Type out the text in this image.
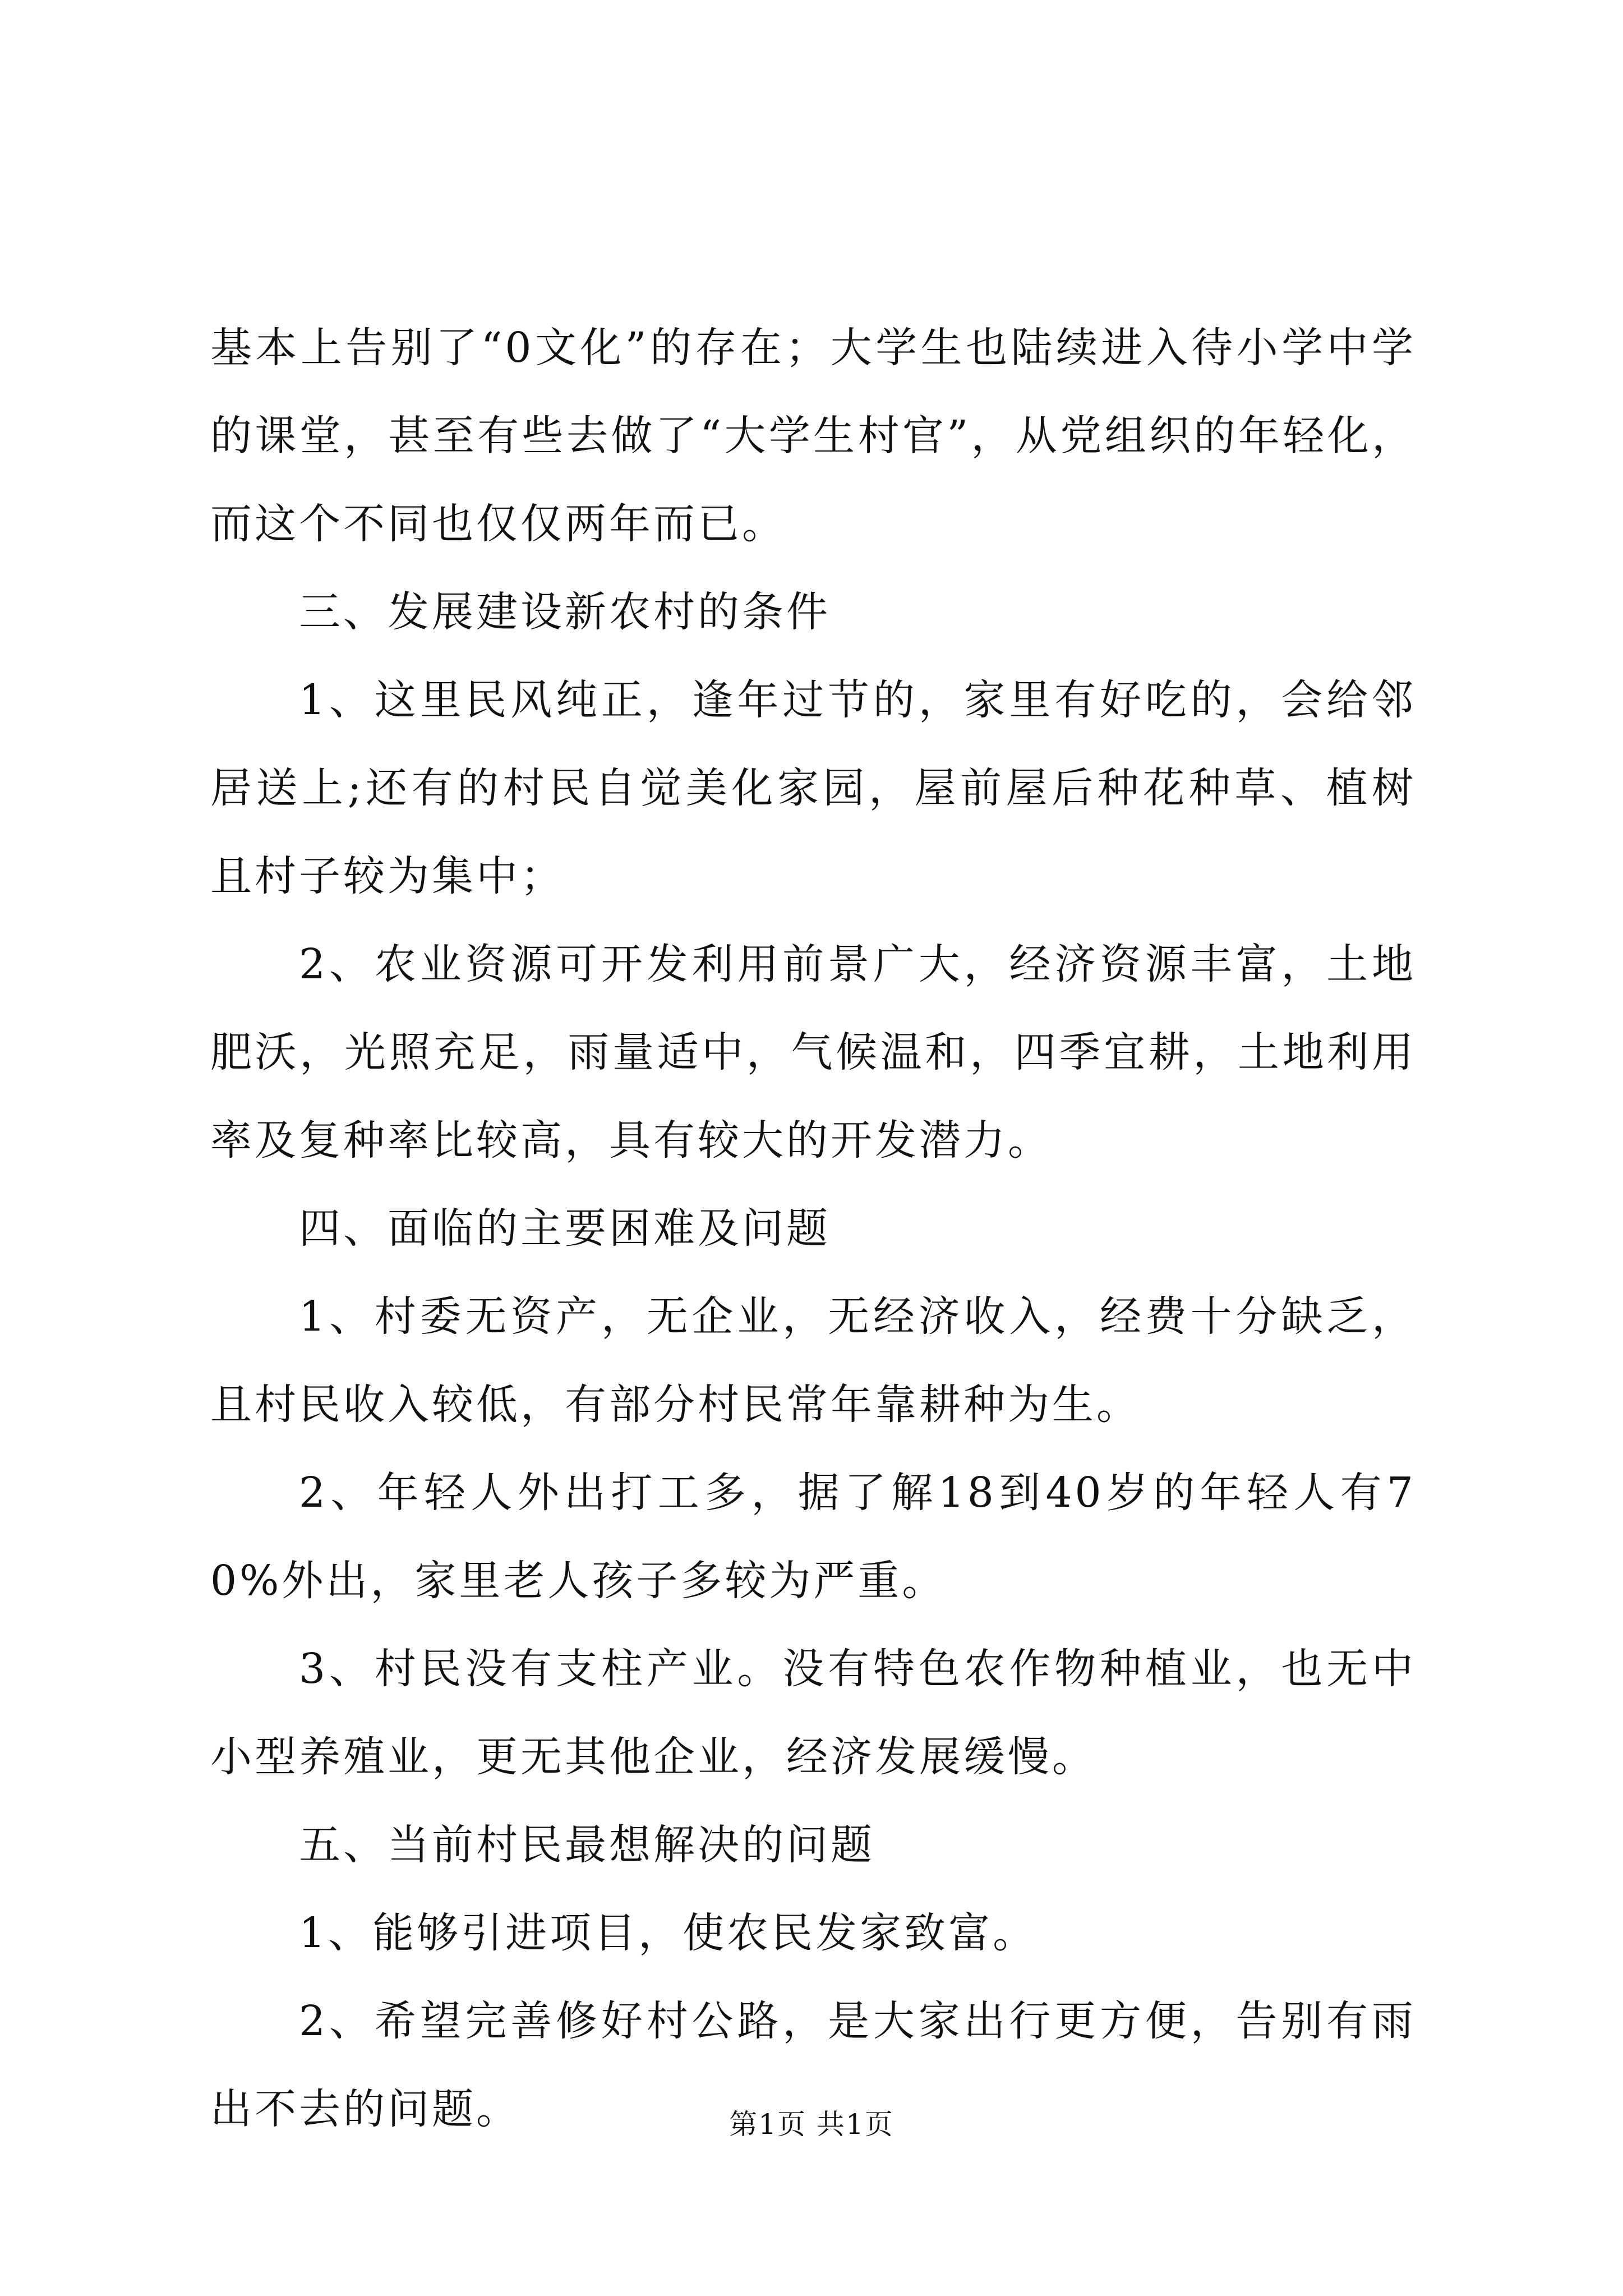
基本上告别了“0文化”的存在；大学生也陆续进入待小学中学的课堂，甚至有些去做了“大学生村官”，从党组织的年轻化，而这个不同也仅仅两年而已。

三、发展建设新农村的条件

1、这里民风纯正，逢年过节的，家里有好吃的，会给邻居送上;还有的村民自觉美化家园，屋前屋后种花种草、植树且村子较为集中；

2、农业资源可开发利用前景广大，经济资源丰富，土地肥沃，光照充足，雨量适中，气候温和，四季宜耕，土地利用率及复种率比较高，具有较大的开发潜力。

四、面临的主要困难及问题

1、村委无资产，无企业，无经济收入，经费十分缺乏，且村民收入较低，有部分村民常年靠耕种为生。

2、年轻人外出打工多，据了解18到40岁的年轻人有70%外出，家里老人孩子多较为严重。

3、村民没有支柱产业。没有特色农作物种植业，也无中小型养殖业，更无其他企业，经济发展缓慢。

五、当前村民最想解决的问题

1、能够引进项目，使农民发家致富。

2、希望完善修好村公路，是大家出行更方便，告别有雨出不去的问题。	第1页 共1页
